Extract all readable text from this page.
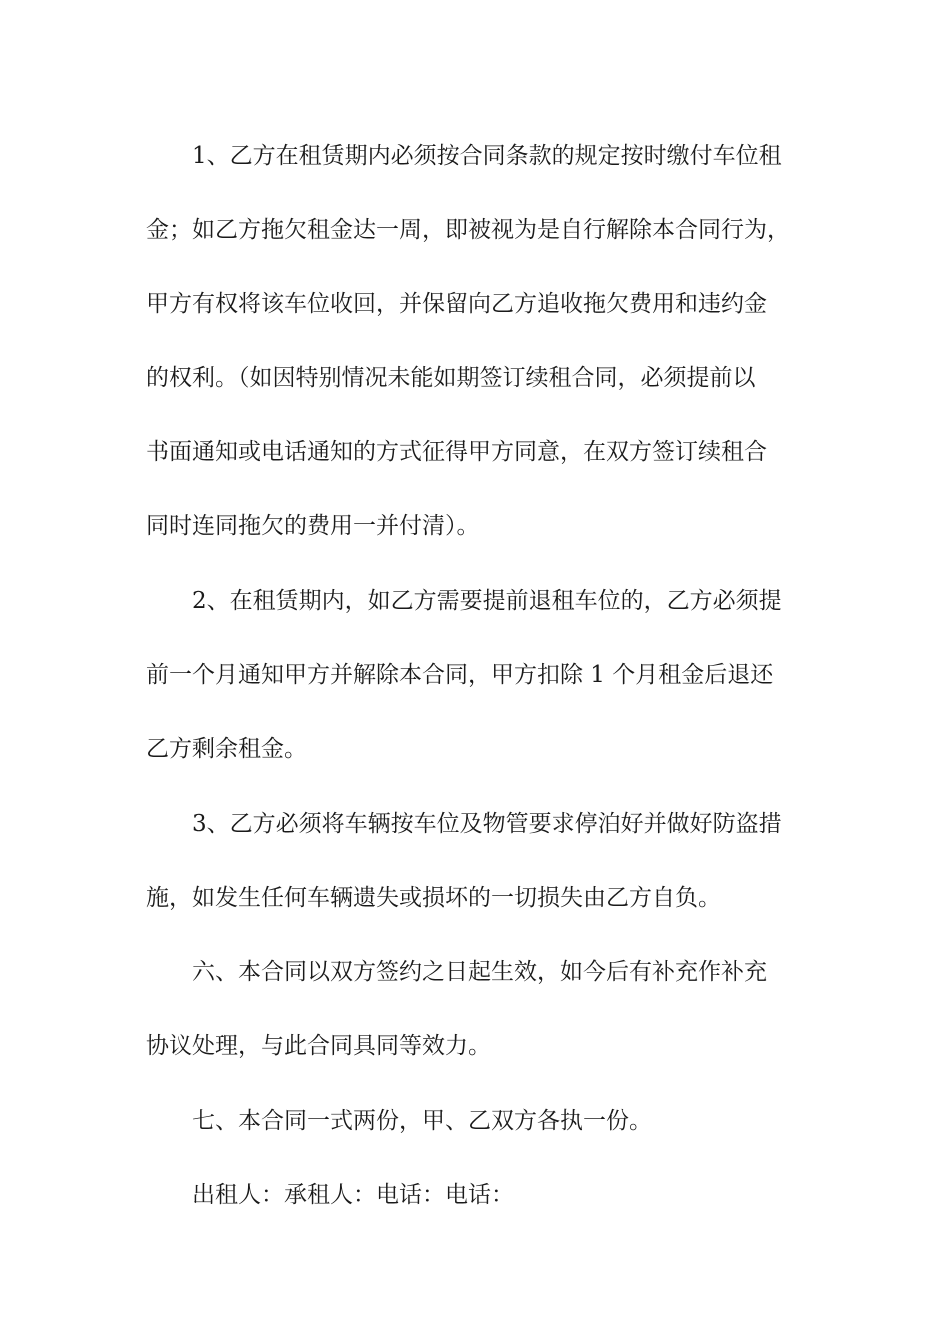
1、乙方在租赁期内必须按合同条款的规定按时缴付车位租
金；如乙方拖欠租金达一周，即被视为是自行解除本合同行为，
甲方有权将该车位收回，并保留向乙方追收拖欠费用和违约金
的权利。（如因特别情况未能如期签订续租合同，必须提前以
书面通知或电话通知的方式征得甲方同意，在双方签订续租合
同时连同拖欠的费用一并付清）。
2、在租赁期内，如乙方需要提前退租车位的，乙方必须提
前一个月通知甲方并解除本合同，甲方扣除 1 个月租金后退还
乙方剩余租金。
3、乙方必须将车辆按车位及物管要求停泊好并做好防盗措
施，如发生任何车辆遗失或损坏的一切损失由乙方自负。
六、本合同以双方签约之日起生效，如今后有补充作补充
协议处理，与此合同具同等效力。
七、本合同一式两份，甲、乙双方各执一份。
出租人：承租人：电话：电话：
